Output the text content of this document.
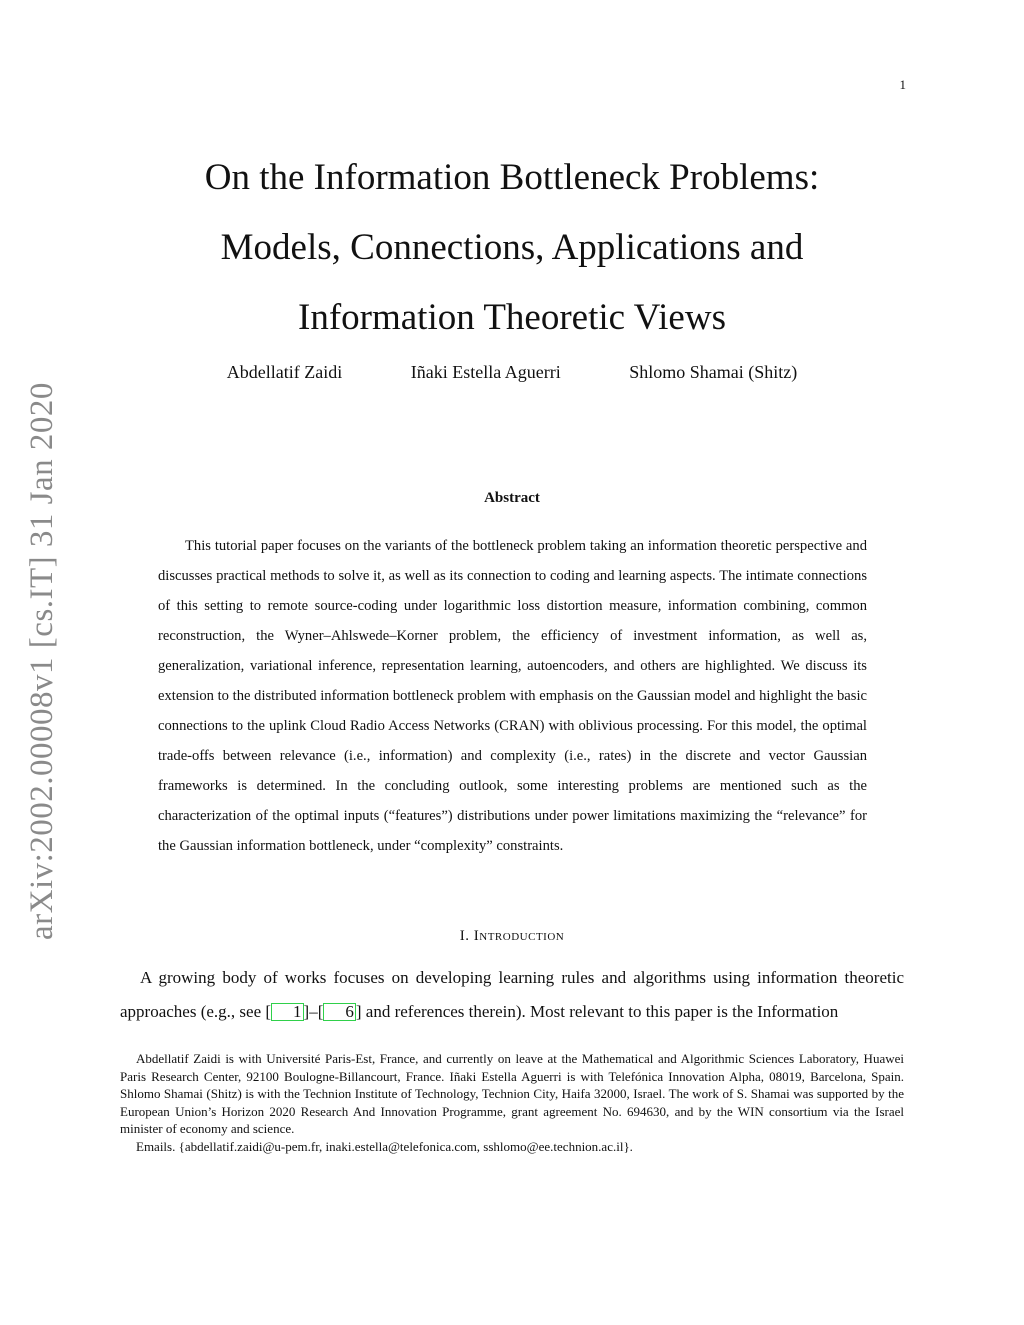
1
arXiv:2002.00008v1 [cs.IT] 31 Jan 2020
On the Information Bottleneck Problems:
Models, Connections, Applications and
Information Theoretic Views
Abdellatif Zaidi	Iñaki Estella Aguerri	Shlomo Shamai (Shitz)
Abstract

This tutorial paper focuses on the variants of the bottleneck problem taking an information theoretic perspective and discusses practical methods to solve it, as well as its connection to coding and learning aspects. The intimate connections of this setting to remote source-coding under logarithmic loss distortion measure, information combining, common reconstruction, the Wyner–Ahlswede–Korner problem, the efficiency of investment information, as well as, generalization, variational inference, representation learning, autoencoders, and others are highlighted. We discuss its extension to the distributed information bottleneck problem with emphasis on the Gaussian model and highlight the basic connections to the uplink Cloud Radio Access Networks (CRAN) with oblivious processing. For this model, the optimal trade-offs between relevance (i.e., information) and complexity (i.e., rates) in the discrete and vector Gaussian frameworks is determined. In the concluding outlook, some interesting problems are mentioned such as the characterization of the optimal inputs (“features”) distributions under power limitations maximizing the “relevance” for the Gaussian information bottleneck, under “complexity” constraints.

I. Introduction

A growing body of works focuses on developing learning rules and algorithms using information theoretic approaches (e.g., see [ 1 ]–[ 6 ] and references therein). Most relevant to this paper is the Information

Abdellatif Zaidi is with Université Paris-Est, France, and currently on leave at the Mathematical and Algorithmic Sciences Laboratory, Huawei Paris Research Center, 92100 Boulogne-Billancourt, France. Iñaki Estella Aguerri is with Telefónica Innovation Alpha, 08019, Barcelona, Spain. Shlomo Shamai (Shitz) is with the Technion Institute of Technology, Technion City, Haifa 32000, Israel. The work of S. Shamai was supported by the European Union’s Horizon 2020 Research And Innovation Programme, grant agreement No. 694630, and by the WIN consortium via the Israel minister of economy and science.

Emails. {abdellatif.zaidi@u-pem.fr, inaki.estella@telefonica.com, sshlomo@ee.technion.ac.il}.
